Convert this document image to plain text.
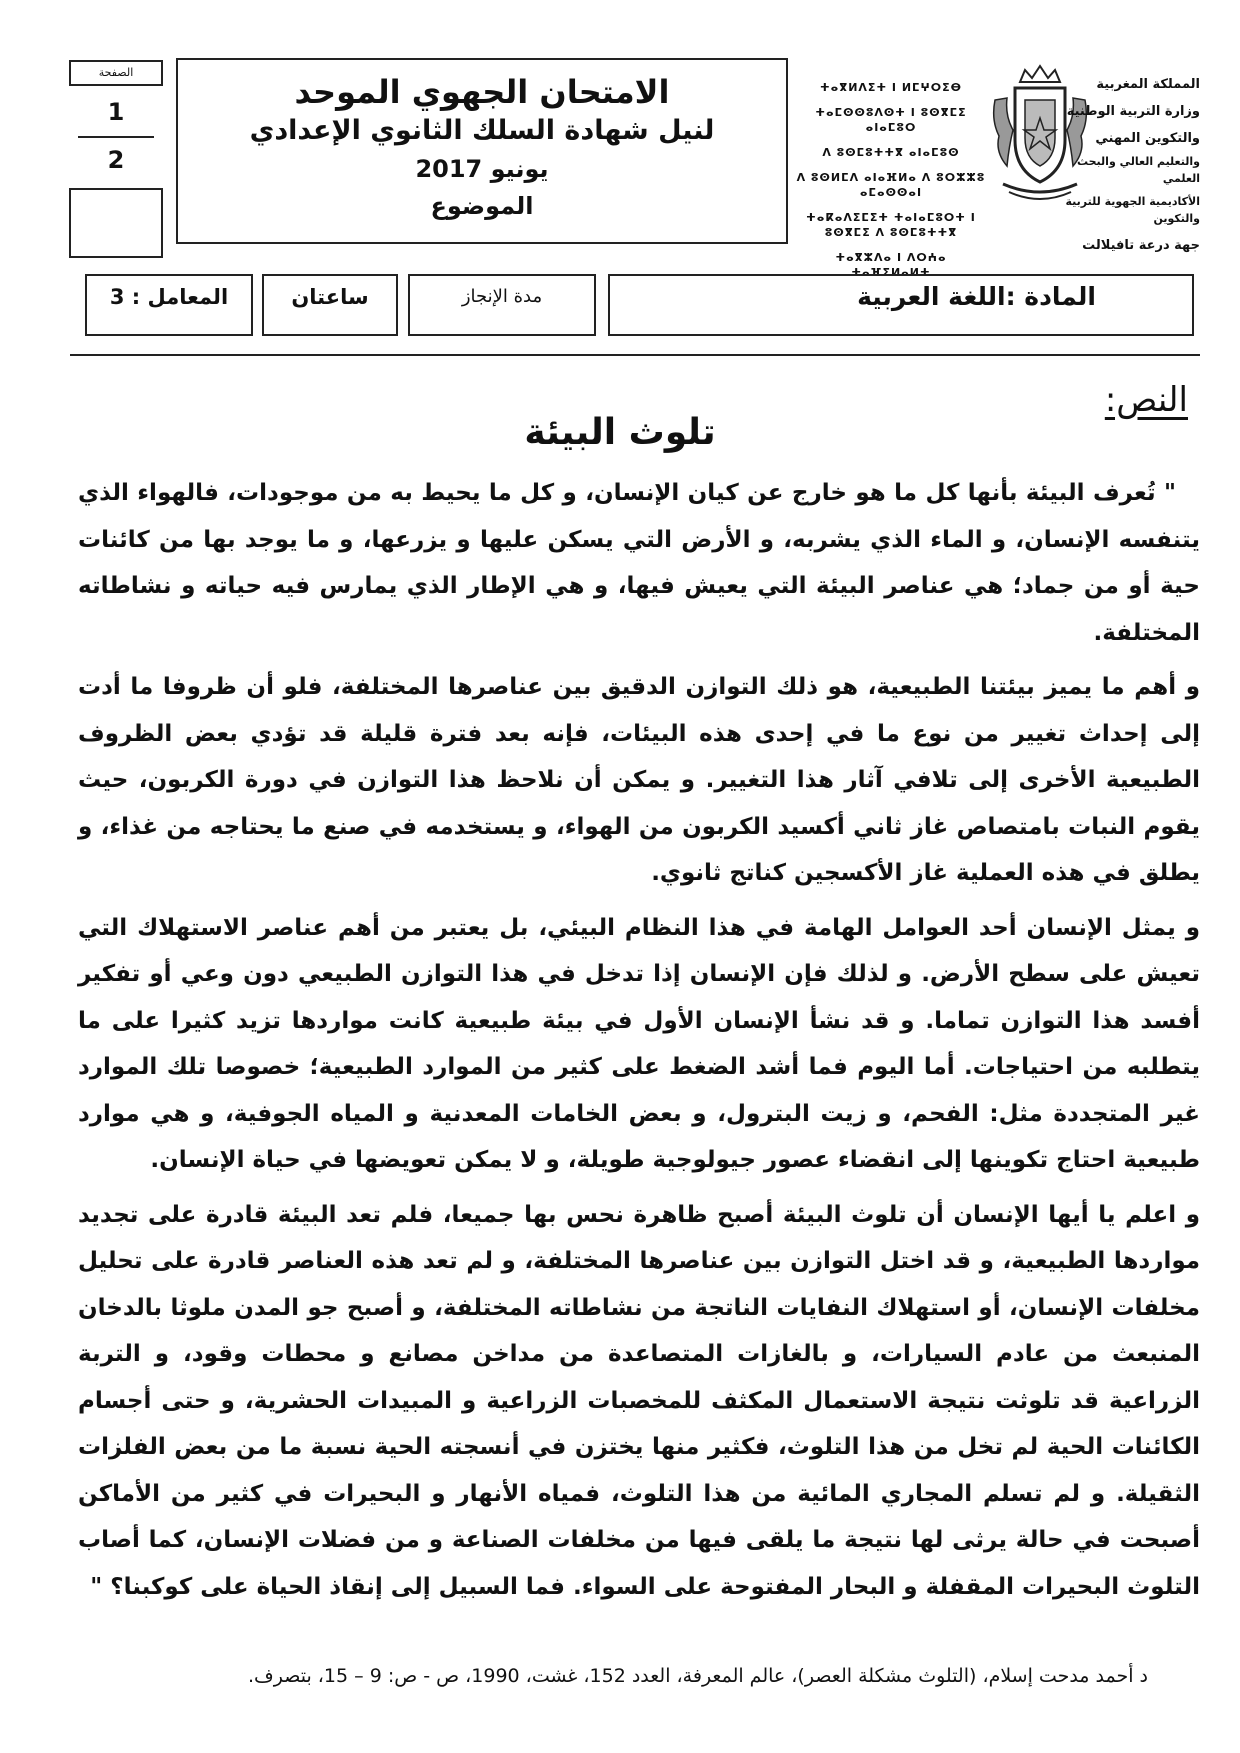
الصفحة
1
2
الامتحان الجهوي الموحد
لنيل شهادة السلك الثانوي الإعدادي
يونيو 2017
الموضوع
ⵜⴰⴳⵍⴷⵉⵜ ⵏ ⵍⵎⵖⵔⵉⴱ
ⵜⴰⵎⵙⵙⵓⴷⵙⵜ ⵏ ⵓⵙⴳⵎⵉ ⴰⵏⴰⵎⵓⵔ
ⴷ ⵓⵙⵎⵓⵜⵜⴳ ⴰⵏⴰⵎⵓⵙ
ⴷ ⵓⵙⵍⵎⴷ ⴰⵏⴰⴼⵍⴰ ⴷ ⵓⵔⵣⵣⵓ ⴰⵎⴰⵙⵙⴰⵏ
ⵜⴰⴽⴰⴷⵉⵎⵉⵜ ⵜⴰⵏⴰⵎⵓⵔⵜ ⵏ ⵓⵙⴳⵎⵉ ⴷ ⵓⵙⵎⵓⵜⵜⴳ
ⵜⴰⴳⵣⴷⴰ ⵏ ⴷⵔⵄⴰ ⵜⴰⴼⵉⵍⴰⵍⵜ
المملكة المغربية
وزارة التربية الوطنية
والتكوين المهني
والتعليم العالي والبحث العلمي
الأكاديمية الجهوية للتربية والتكوين
جهة درعة تافيلالت
المعامل : 3	ساعتان	مدة الإنجاز	المادة :اللغة العربية
النص:
تلوث البيئة

" تُعرف البيئة بأنها كل ما هو خارج عن كيان الإنسان، و كل ما يحيط به من موجودات، فالهواء الذي يتنفسه الإنسان، و الماء الذي يشربه، و الأرض التي يسكن عليها و يزرعها، و ما يوجد بها من كائنات حية أو من جماد؛ هي عناصر البيئة التي يعيش فيها، و هي الإطار الذي يمارس فيه حياته و نشاطاته المختلفة.

و أهم ما يميز بيئتنا الطبيعية، هو ذلك التوازن الدقيق بين عناصرها المختلفة، فلو أن ظروفا ما أدت إلى إحداث تغيير من نوع ما في إحدى هذه البيئات، فإنه بعد فترة قليلة قد تؤدي بعض الظروف الطبيعية الأخرى إلى تلافي آثار هذا التغيير. و يمكن أن نلاحظ هذا التوازن في دورة الكربون، حيث يقوم النبات بامتصاص غاز ثاني أكسيد الكربون من الهواء، و يستخدمه في صنع ما يحتاجه من غذاء، و يطلق في هذه العملية غاز الأكسجين كناتج ثانوي.

و يمثل الإنسان أحد العوامل الهامة في هذا النظام البيئي، بل يعتبر من أهم عناصر الاستهلاك التي تعيش على سطح الأرض. و لذلك فإن الإنسان إذا تدخل في هذا التوازن الطبيعي دون وعي أو تفكير أفسد هذا التوازن تماما. و قد نشأ الإنسان الأول في بيئة طبيعية كانت مواردها تزيد كثيرا على ما يتطلبه من احتياجات. أما اليوم فما أشد الضغط على كثير من الموارد الطبيعية؛ خصوصا تلك الموارد غير المتجددة مثل: الفحم، و زيت البترول، و بعض الخامات المعدنية و المياه الجوفية، و هي موارد طبيعية احتاج تكوينها إلى انقضاء عصور جيولوجية طويلة، و لا يمكن تعويضها في حياة الإنسان.

و اعلم يا أيها الإنسان أن تلوث البيئة أصبح ظاهرة نحس بها جميعا، فلم تعد البيئة قادرة على تجديد مواردها الطبيعية، و قد اختل التوازن بين عناصرها المختلفة، و لم تعد هذه العناصر قادرة على تحليل مخلفات الإنسان، أو استهلاك النفايات الناتجة من نشاطاته المختلفة، و أصبح جو المدن ملوثا بالدخان المنبعث من عادم السيارات، و بالغازات المتصاعدة من مداخن مصانع و محطات وقود، و التربة الزراعية قد تلوثت نتيجة الاستعمال المكثف للمخصبات الزراعية و المبيدات الحشرية، و حتى أجسام الكائنات الحية لم تخل من هذا التلوث، فكثير منها يختزن في أنسجته الحية نسبة ما من بعض الفلزات الثقيلة. و لم تسلم المجاري المائية من هذا التلوث، فمياه الأنهار و البحيرات في كثير من الأماكن أصبحت في حالة يرثى لها نتيجة ما يلقى فيها من مخلفات الصناعة و من فضلات الإنسان، كما أصاب التلوث البحيرات المقفلة و البحار المفتوحة على السواء. فما السبيل إلى إنقاذ الحياة على كوكبنا؟ "

د أحمد مدحت إسلام، (التلوث مشكلة العصر)، عالم المعرفة، العدد 152، غشت، 1990، ص - ص: 9 – 15، بتصرف.
